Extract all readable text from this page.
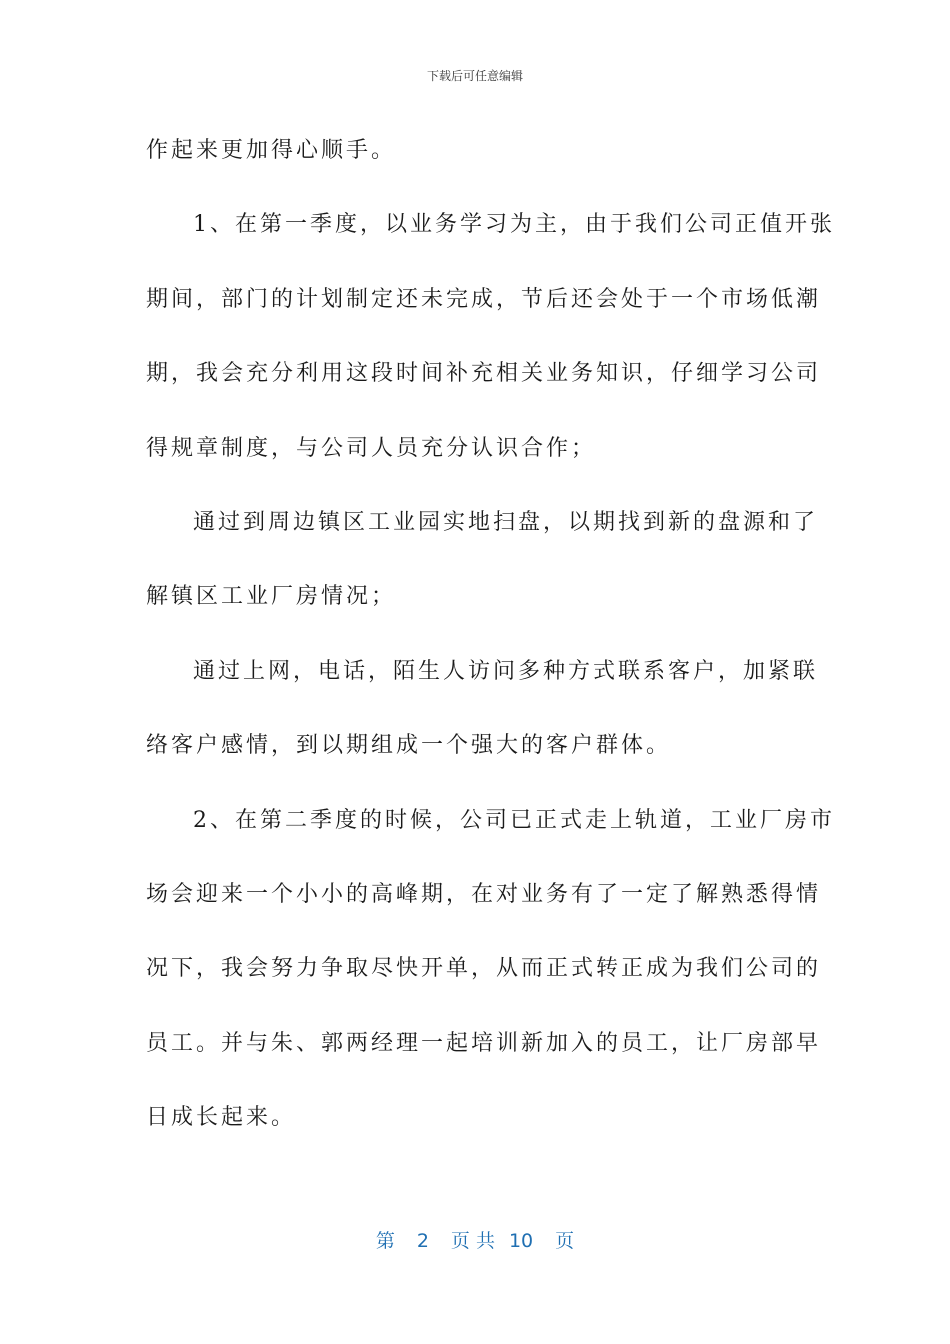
下载后可任意编辑
作起来更加得心顺手。
1、在第一季度，以业务学习为主，由于我们公司正值开张
期间，部门的计划制定还未完成，节后还会处于一个市场低潮
期，我会充分利用这段时间补充相关业务知识，仔细学习公司
得规章制度，与公司人员充分认识合作；
通过到周边镇区工业园实地扫盘，以期找到新的盘源和了
解镇区工业厂房情况；
通过上网，电话，陌生人访问多种方式联系客户，加紧联
络客户感情，到以期组成一个强大的客户群体。
2、在第二季度的时候，公司已正式走上轨道，工业厂房市
场会迎来一个小小的高峰期，在对业务有了一定了解熟悉得情
况下，我会努力争取尽快开单，从而正式转正成为我们公司的
员工。并与朱、郭两经理一起培训新加入的员工，让厂房部早
日成长起来。
第 2 页 共 10 页
